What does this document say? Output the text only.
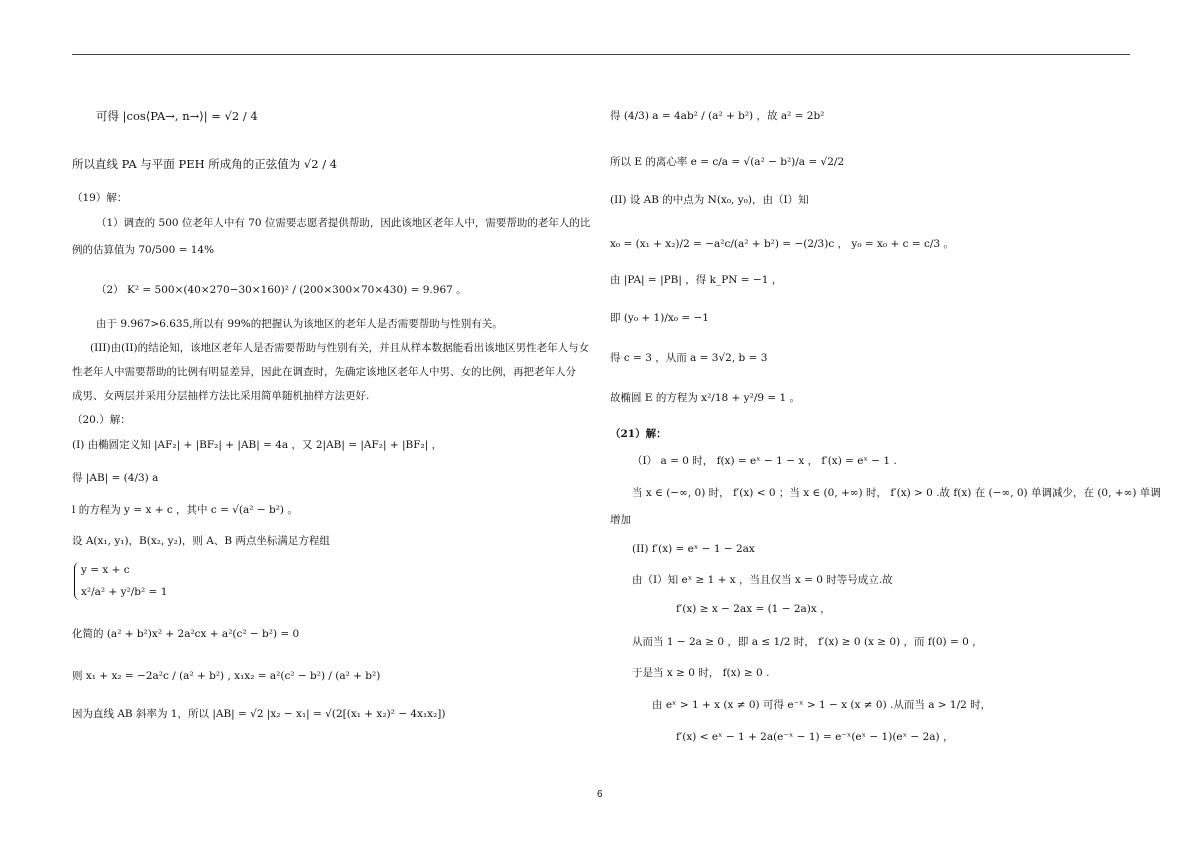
可得 |cos⟨PA→, n→⟩| = √2 / 4
所以直线 PA 与平面 PEH 所成角的正弦值为 √2 / 4
（19）解：
（1）调查的 500 位老年人中有 70 位需要志愿者提供帮助，因此该地区老年人中，需要帮助的老年人的比
例的估算值为 70/500 = 14%
（2） K² = 500×(40×270−30×160)² / (200×300×70×430) = 9.967 。
由于 9.967>6.635,所以有 99%的把握认为该地区的老年人是否需要帮助与性别有关。
(III)由(II)的结论知，该地区老年人是否需要帮助与性别有关，并且从样本数据能看出该地区男性老年人与女
性老年人中需要帮助的比例有明显差异，因此在调查时，先确定该地区老年人中男、女的比例，再把老年人分
成男、女两层并采用分层抽样方法比采用简单随机抽样方法更好.
（20.）解：
(I) 由椭圆定义知 |AF₂| + |BF₂| + |AB| = 4a ，又 2|AB| = |AF₂| + |BF₂| ，
得 |AB| = (4/3) a
l 的方程为 y = x + c ，其中 c = √(a² − b²) 。
设 A(x₁, y₁)，B(x₂, y₂)，则 A、B 两点坐标满足方程组
y = x + c
x²/a² + y²/b² = 1
化简的 (a² + b²)x² + 2a²cx + a²(c² − b²) = 0
则 x₁ + x₂ = −2a²c / (a² + b²) , x₁x₂ = a²(c² − b²) / (a² + b²)
因为直线 AB 斜率为 1，所以 |AB| = √2 |x₂ − x₁| = √(2[(x₁ + x₂)² − 4x₁x₂])
得 (4/3) a = 4ab² / (a² + b²) ，故 a² = 2b²
所以 E 的离心率 e = c/a = √(a² − b²)/a = √2/2
(II) 设 AB 的中点为 N(x₀, y₀)，由（I）知
x₀ = (x₁ + x₂)/2 = −a²c/(a² + b²) = −(2/3)c ， y₀ = x₀ + c = c/3 。
由 |PA| = |PB| ，得 k_PN = −1 ，
即 (y₀ + 1)/x₀ = −1
得 c = 3 ，从而 a = 3√2, b = 3
故椭圆 E 的方程为 x²/18 + y²/9 = 1 。
（21）解：
（I） a = 0 时， f(x) = eˣ − 1 − x ， f′(x) = eˣ − 1 .
当 x ∈ (−∞, 0) 时， f′(x) < 0 ；当 x ∈ (0, +∞) 时， f′(x) > 0 .故 f(x) 在 (−∞, 0) 单调减少，在 (0, +∞) 单调
增加
(II) f′(x) = eˣ − 1 − 2ax
由（I）知 eˣ ≥ 1 + x ，当且仅当 x = 0 时等号成立.故
f′(x) ≥ x − 2ax = (1 − 2a)x ，
从而当 1 − 2a ≥ 0 ，即 a ≤ 1/2 时， f′(x) ≥ 0 (x ≥ 0) ，而 f(0) = 0 ，
于是当 x ≥ 0 时， f(x) ≥ 0 .
由 eˣ > 1 + x (x ≠ 0) 可得 e⁻ˣ > 1 − x (x ≠ 0) .从而当 a > 1/2 时，
f′(x) < eˣ − 1 + 2a(e⁻ˣ − 1) = e⁻ˣ(eˣ − 1)(eˣ − 2a) ，
6
